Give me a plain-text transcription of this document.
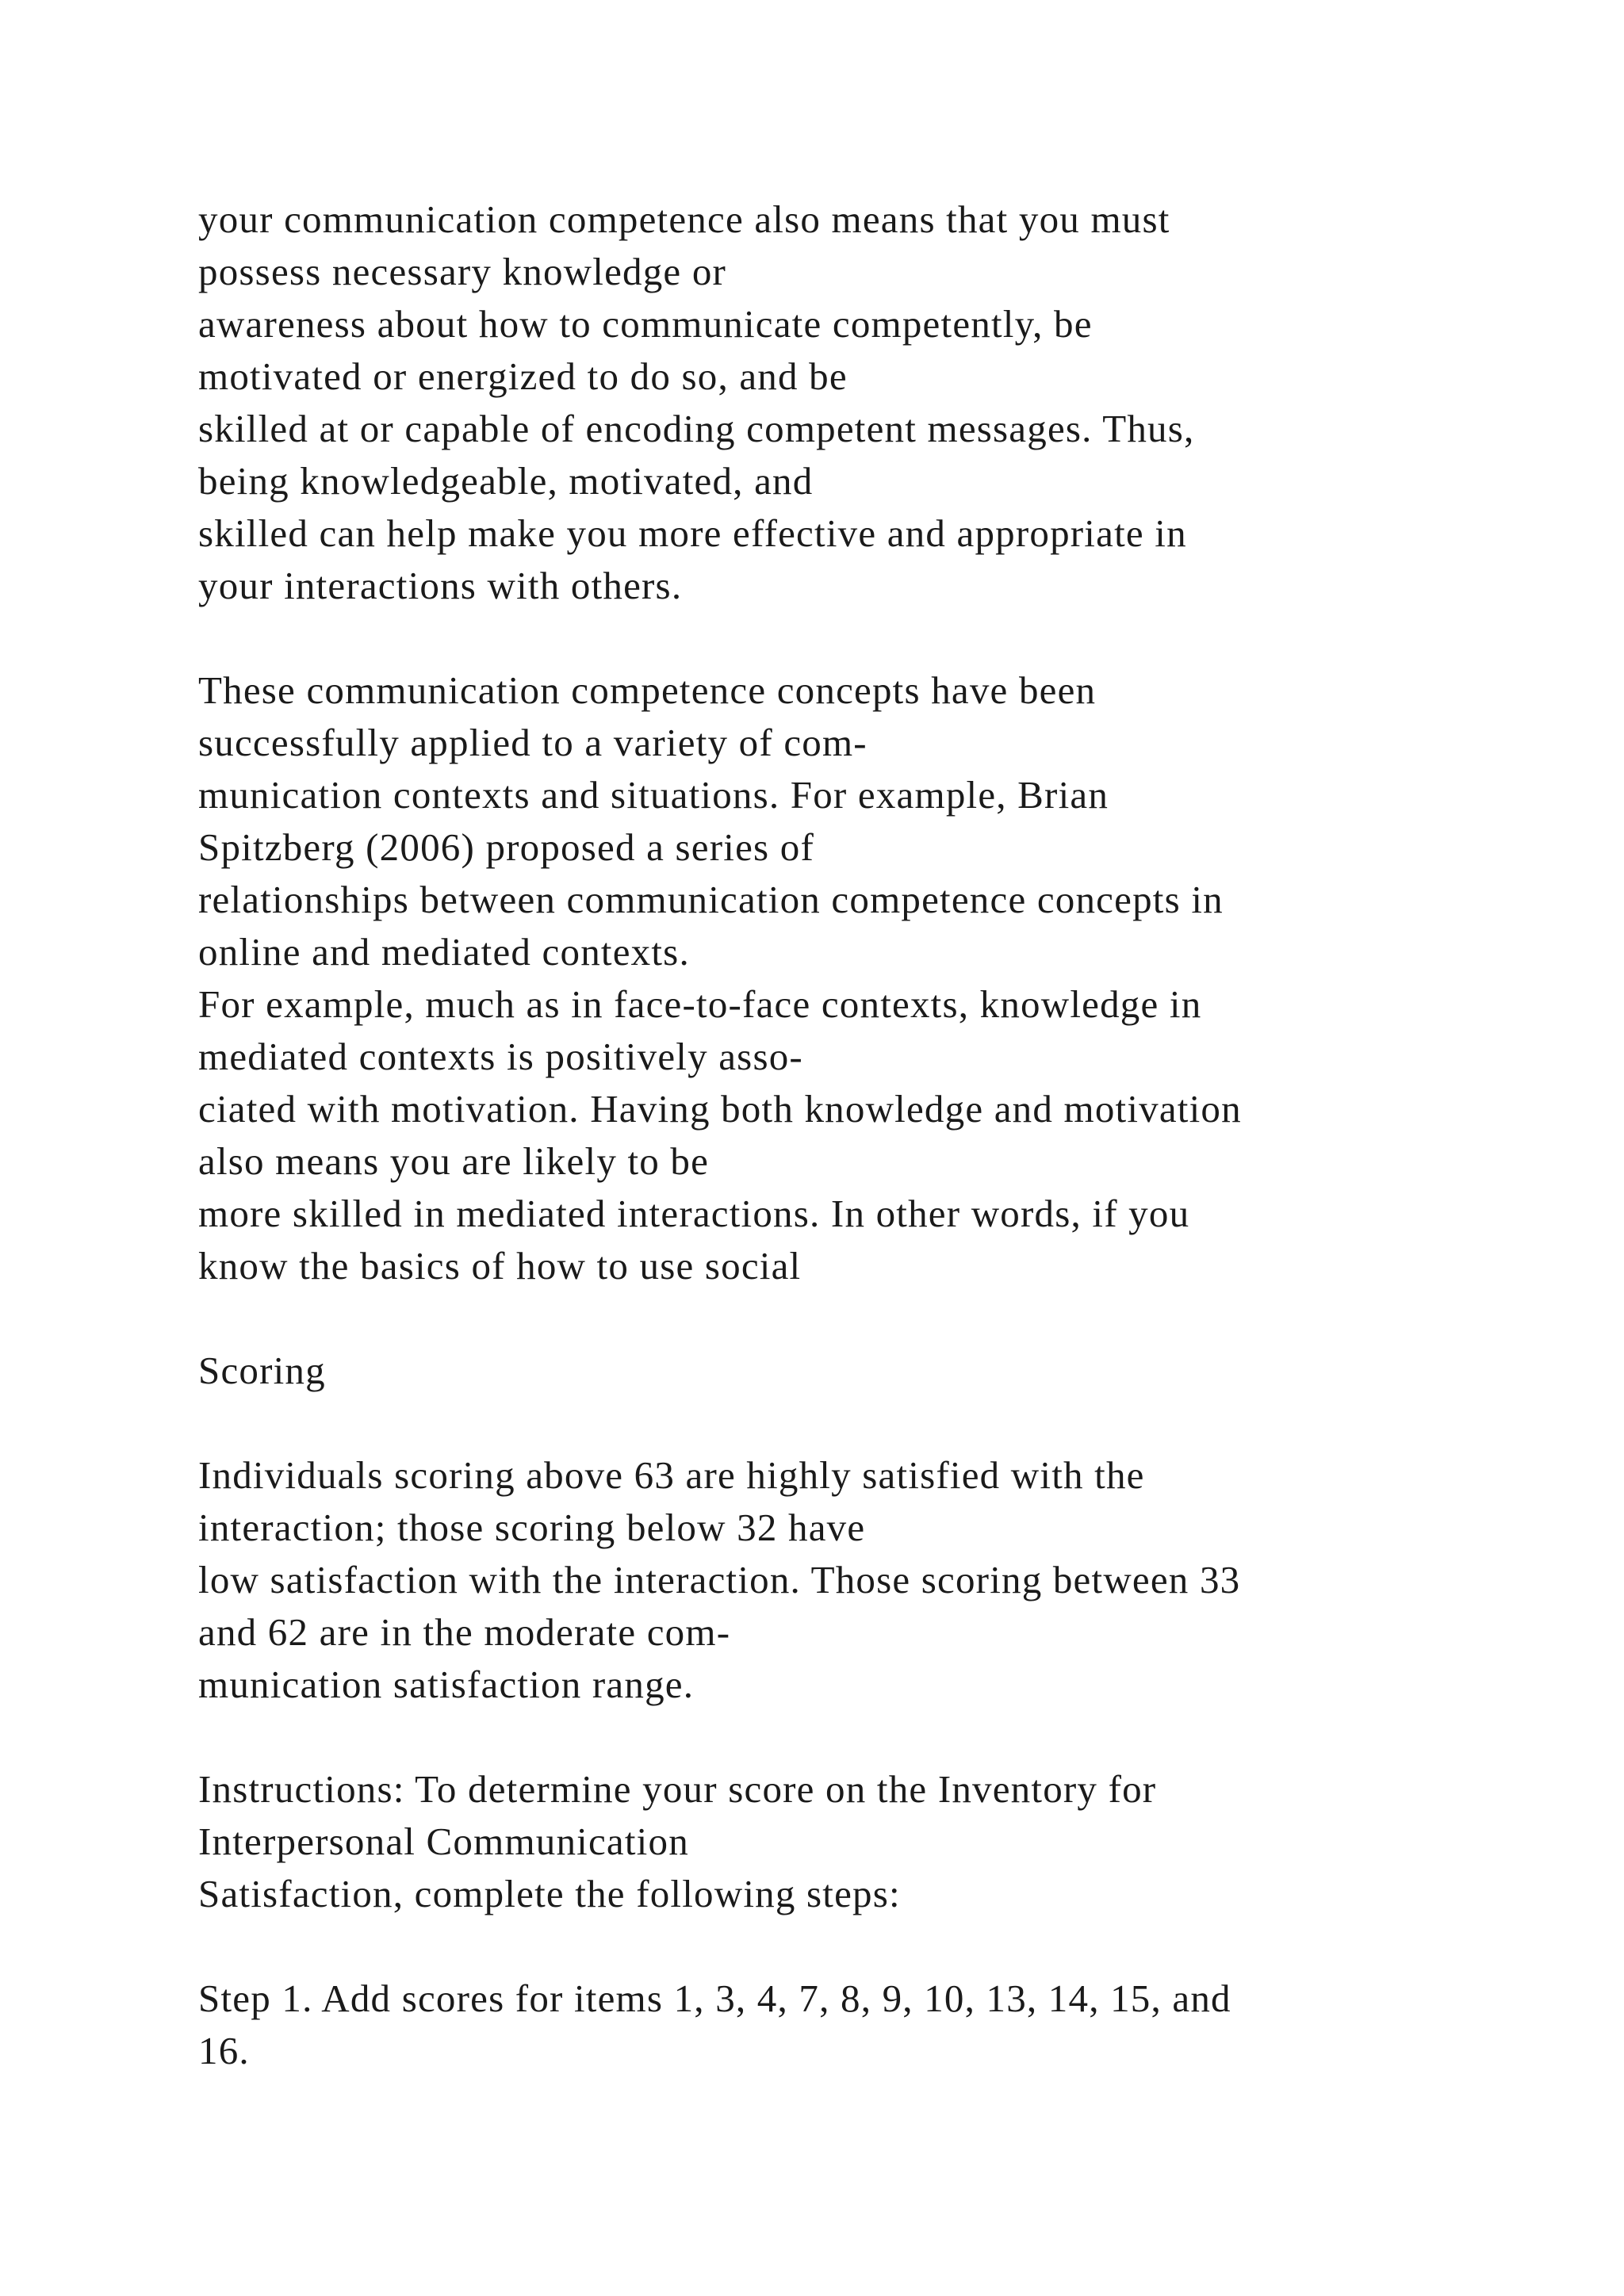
your communication competence also means that you must
possess necessary knowledge or
awareness about how to communicate competently, be
motivated or energized to do so, and be
skilled at or capable of encoding competent messages. Thus,
being knowledgeable, motivated, and
skilled can help make you more effective and appropriate in
your interactions with others.
These communication competence concepts have been
successfully applied to a variety of com-
munication contexts and situations. For example, Brian
Spitzberg (2006) proposed a series of
relationships between communication competence concepts in
online and mediated contexts.
For example, much as in face-to-face contexts, knowledge in
mediated contexts is positively asso-
ciated with motivation. Having both knowledge and motivation
also means you are likely to be
more skilled in mediated interactions. In other words, if you
know the basics of how to use social
Scoring
Individuals scoring above 63 are highly satisfied with the
interaction; those scoring below 32 have
low satisfaction with the interaction. Those scoring between 33
and 62 are in the moderate com-
munication satisfaction range.
Instructions: To determine your score on the Inventory for
Interpersonal Communication
Satisfaction, complete the following steps:
Step 1. Add scores for items 1, 3, 4, 7, 8, 9, 10, 13, 14, 15, and
16.
